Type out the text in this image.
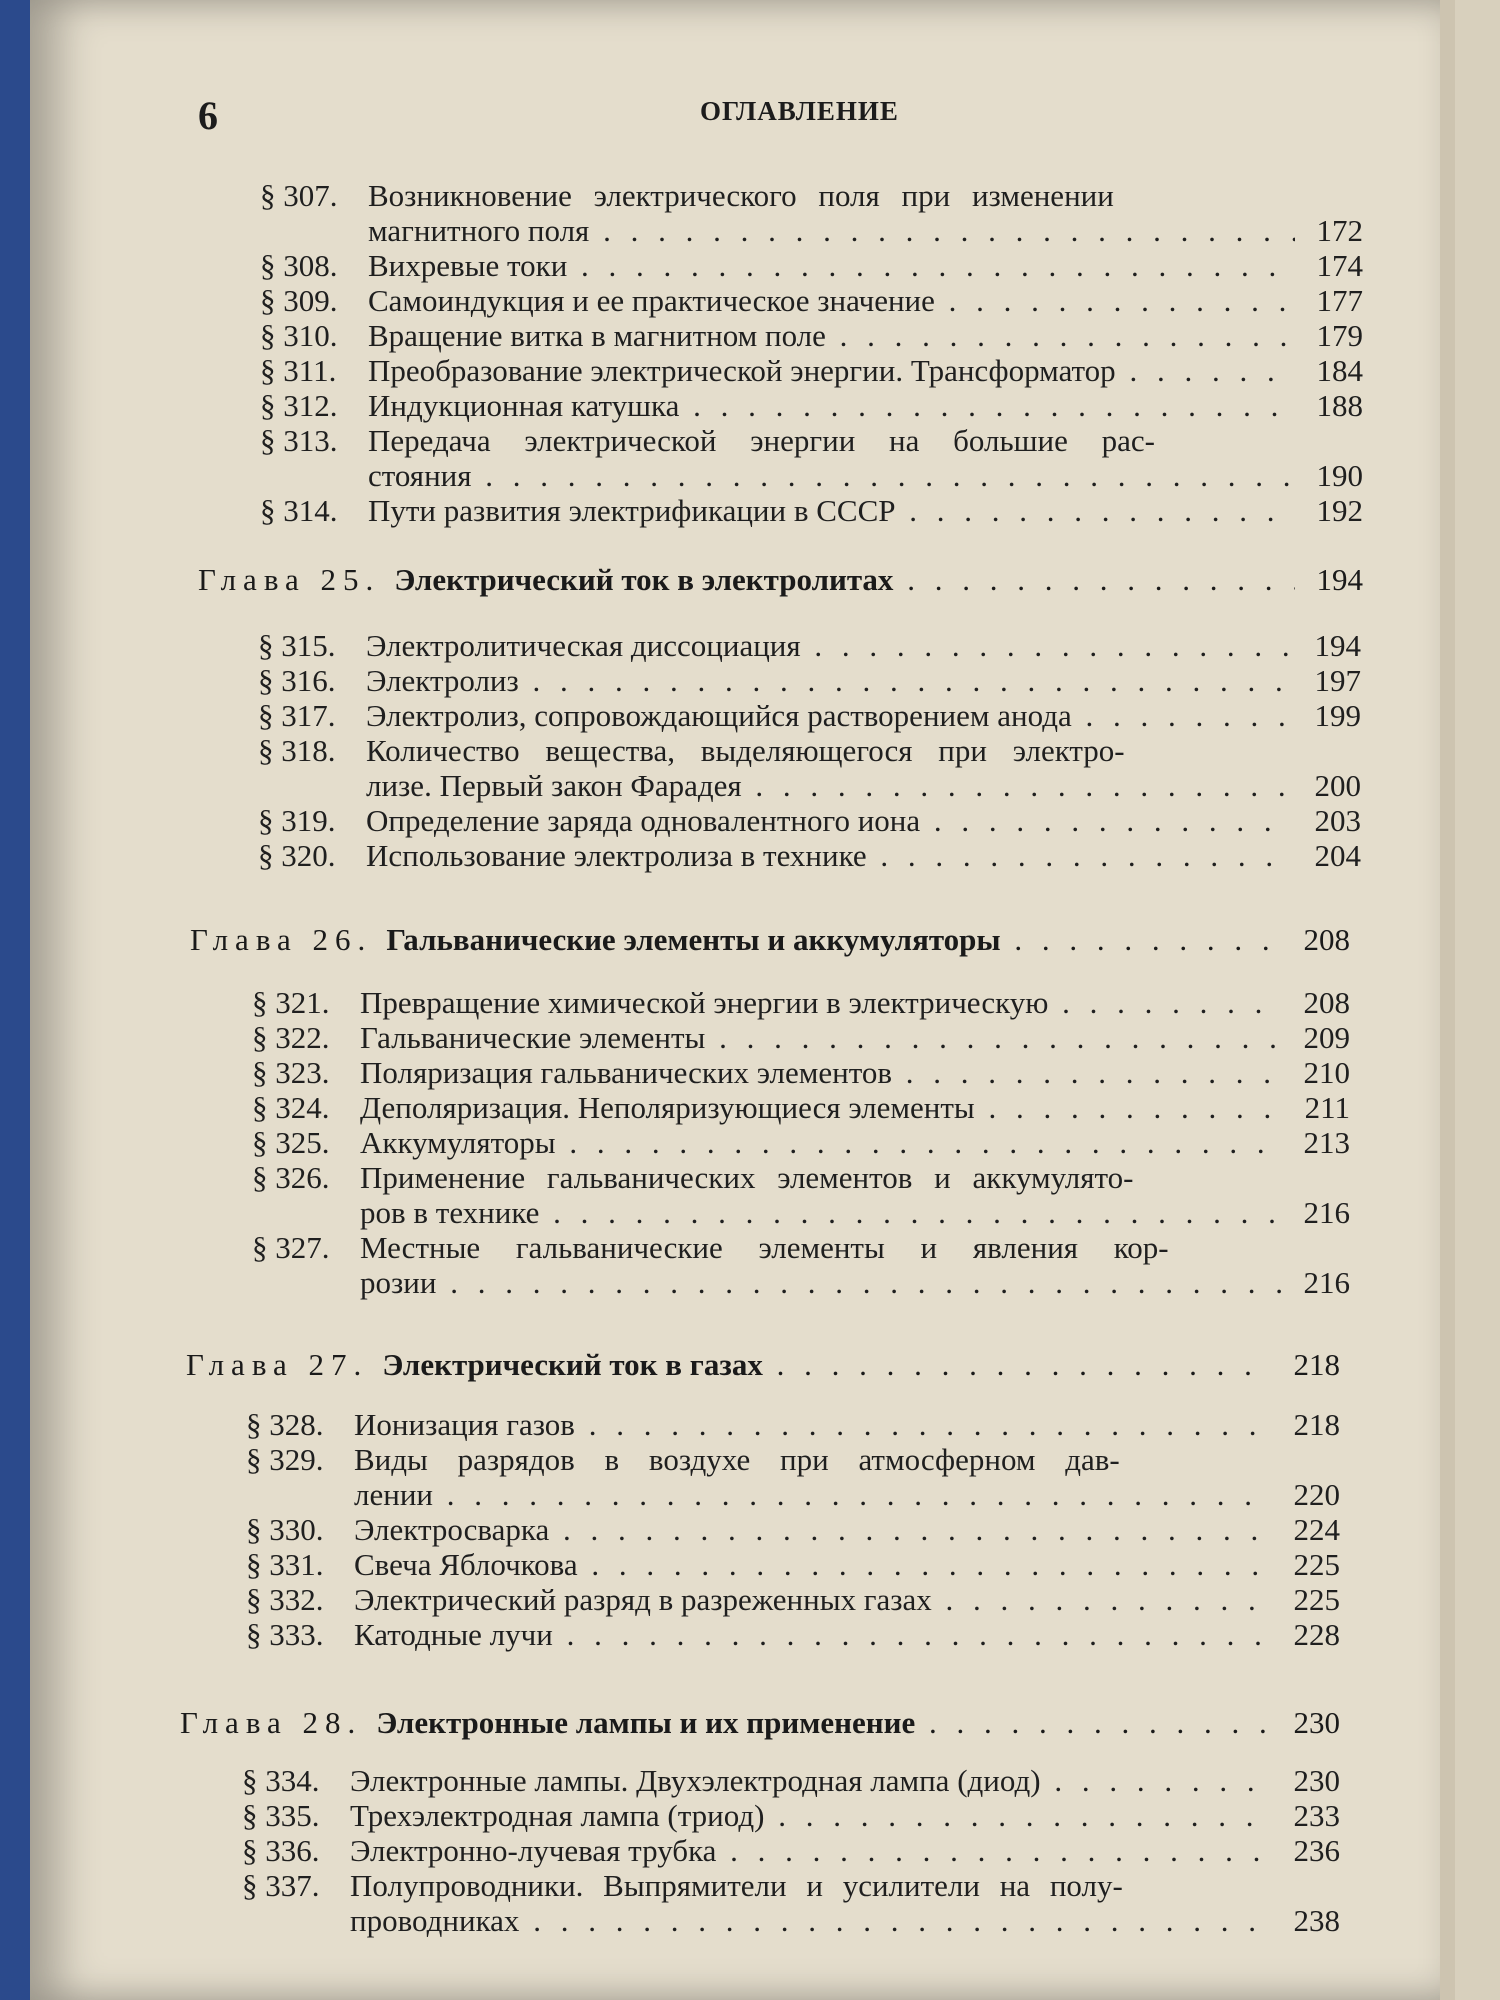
6	ОГЛАВЛЕНИЕ
§ 307. Возникновение электрического поля при изменении
магнитного поля . . .	172
§ 308. Вихревые токи . . .	174
§ 309. Самоиндукция и ее практическое значение . . .	177
§ 310. Вращение витка в магнитном поле . . .	179
§ 311.	Преобразование электрической энергии. Трансформатор . . .	184
§ 312. Индукционная катушка . . .	188
§ 313. Передача электрической энергии на большие рас-
стояния . . .	190
§ 314. Пути развития электрификации в СССР . . .	192
Глава 25. Электрический ток в электролитах . . .	194
§ 315. Электролитическая диссоциация . . .	194
§ 316. Электролиз . . .	197
§ 317. Электролиз, сопровождающийся растворением анода . . .	199
§ 318. Количество вещества, выделяющегося при электро-
лизе. Первый закон Фарадея . . .	200
§ 319. Определение заряда одновалентного иона . . .	203
§ 320. Использование электролиза в технике . . .	204
Глава 26. Гальванические элементы и аккумуляторы . . .	208
§ 321. Превращение химической энергии в электрическую . . .	208
§ 322. Гальванические элементы . . .	209
§ 323. Поляризация гальванических элементов . . .	210
§ 324. Деполяризация. Неполяризующиеся элементы . . .	211
§ 325. Аккумуляторы . . .	213
§ 326. Применение гальванических элементов и аккумулято-
ров в технике . . .	216
§ 327. Местные гальванические элементы и явления кор-
розии . . .	216
Глава 27. Электрический ток в газах . . .	218
§ 328. Ионизация газов . . .	218
§ 329. Виды разрядов в воздухе при атмосферном дав-
лении . . .	220
§ 330. Электросварка . . .	224
§ 331. Свеча Яблочкова . . .	225
§ 332. Электрический разряд в разреженных газах . . .	225
§ 333. Катодные лучи . . .	228
Глава 28. Электронные лампы и их применение . . .	230
§ 334. Электронные лампы. Двухэлектродная лампа (диод) . . .	230
§ 335. Трехэлектродная лампа (триод) . . .	233
§ 336. Электронно-лучевая трубка . . .	236
§ 337. Полупроводники. Выпрямители и усилители на полу-
проводниках . . .	238
